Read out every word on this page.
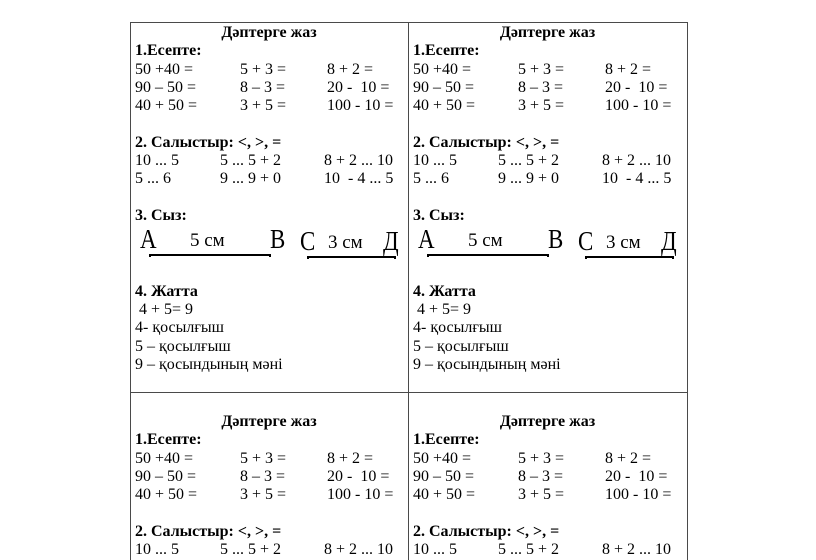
Дәптерге жаз
1.Есепте:
50 +40 =	5 + 3 =	8 + 2 =
90 – 50 =	8 – 3 =	20 -  10 =
40 + 50 =	3 + 5 =	100 - 10 =
2. Салыстыр: <, >, =
10 ... 5	5 ... 5 + 2	8 + 2 ... 10
5 ... 6	9 ... 9 + 0	10  - 4 ... 5
3. Сыз:
А 5 см В С 3 см Д
4. Жатта
4 + 5= 9
4- қосылғыш
5 – қосылғыш
9 – қосындының мәні
Дәптерге жаз
1.Есепте:
50 +40 =	5 + 3 =	8 + 2 =
90 – 50 =	8 – 3 =	20 -  10 =
40 + 50 =	3 + 5 =	100 - 10 =
2. Салыстыр: <, >, =
10 ... 5	5 ... 5 + 2	8 + 2 ... 10
5 ... 6	9 ... 9 + 0	10  - 4 ... 5
3. Сыз:
А 5 см В С 3 см Д
4. Жатта
4 + 5= 9
4- қосылғыш
5 – қосылғыш
9 – қосындының мәні
Дәптерге жаз
1.Есепте:
50 +40 =	5 + 3 =	8 + 2 =
90 – 50 =	8 – 3 =	20 -  10 =
40 + 50 =	3 + 5 =	100 - 10 =
2. Салыстыр: <, >, =
10 ... 5	5 ... 5 + 2	8 + 2 ... 10
Дәптерге жаз
1.Есепте:
50 +40 =	5 + 3 =	8 + 2 =
90 – 50 =	8 – 3 =	20 -  10 =
40 + 50 =	3 + 5 =	100 - 10 =
2. Салыстыр: <, >, =
10 ... 5	5 ... 5 + 2	8 + 2 ... 10
